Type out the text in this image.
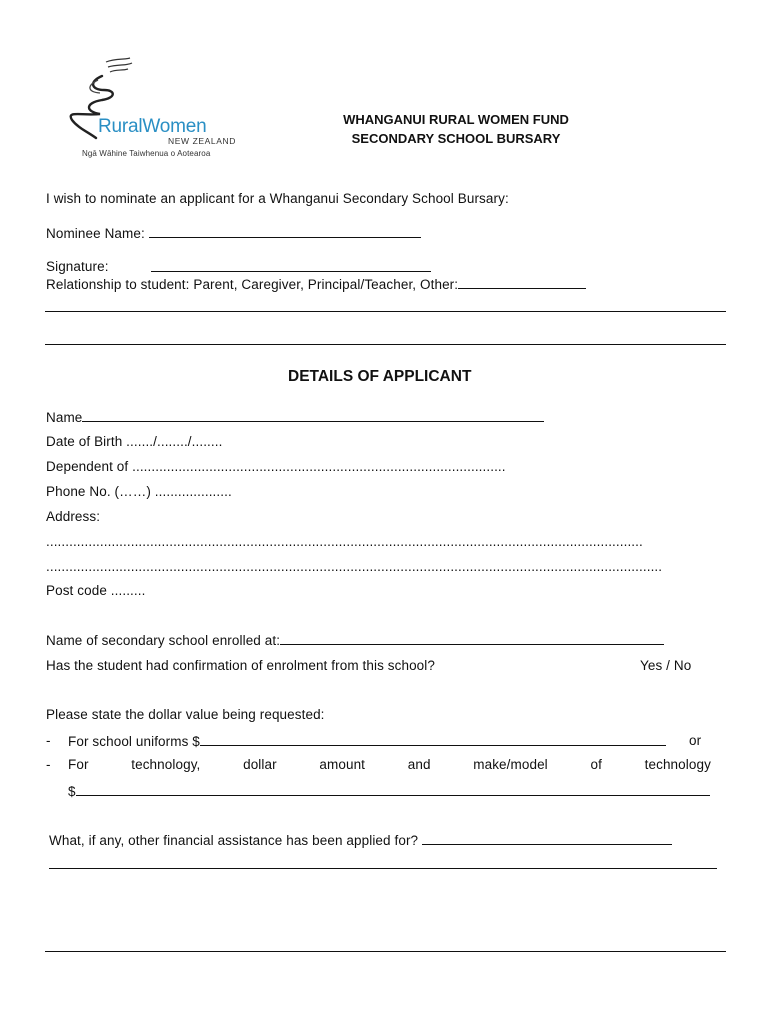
RuralWomen
NEW ZEALAND
Ngā Wāhine Taiwhenua o Aotearoa
WHANGANUI RURAL WOMEN FUND
SECONDARY SCHOOL BURSARY
I wish to nominate an applicant for a Whanganui Secondary School Bursary:
Nominee Name:
Signature:
Relationship to student: Parent, Caregiver, Principal/Teacher, Other:
DETAILS OF APPLICANT
Name
Date of Birth ......./......../........
Dependent of .................................................................................................
Phone No. (……) ....................
Address:
...........................................................................................................................................................
................................................................................................................................................................
Post code .........
Name of secondary school enrolled at:
Has the student had confirmation of enrolment from this school?	Yes / No
Please state the dollar value being requested:
- For school uniforms $	or
- For	technology,	dollar	amount	and	make/model	of	technology
$
What, if any, other financial assistance has been applied for?
